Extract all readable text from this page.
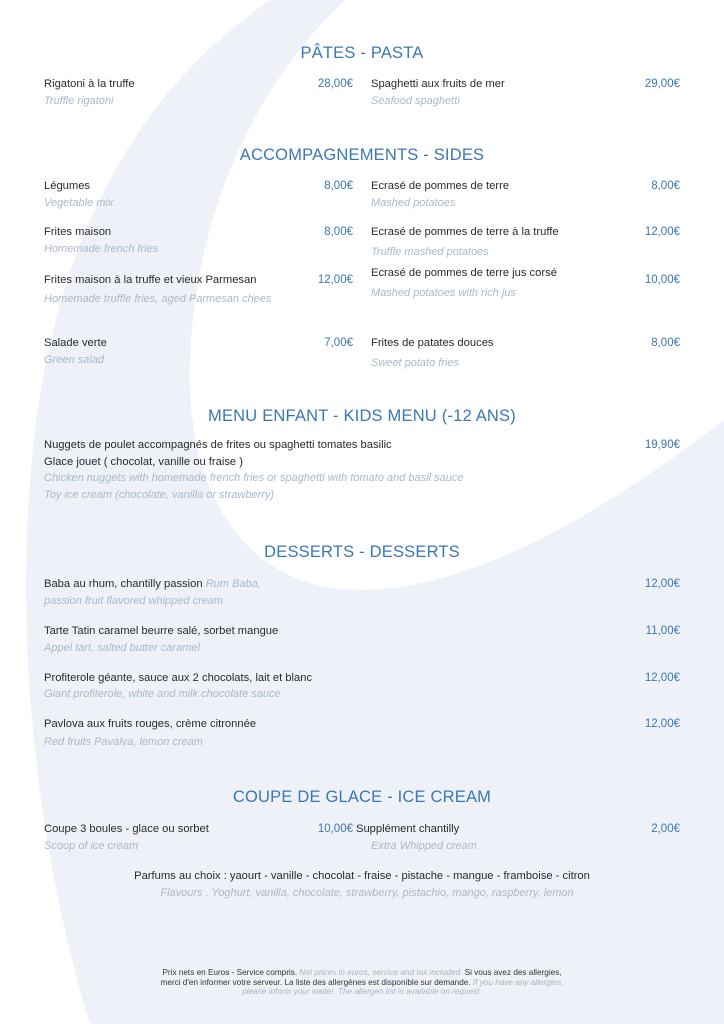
PÂTES - PASTA
Rigatoni à la truffe
Truffle rigatoni
28,00€ Spaghetti aux fruits de mer
Seafood spaghetti
29,00€
ACCOMPAGNEMENTS - SIDES
Légumes
Vegetable mix
8,00€
Frites maison
Homemade french fries
8,00€
Frites maison à la truffe et vieux Parmesan
Homemade truffle fries, aged Parmesan chees
12,00€
Salade verte
Green salad
7,00€
Ecrasé de pommes de terre
Mashed potatoes
8,00€
Ecrasé de pommes de terre à la truffe
Truffle mashed potatoes
12,00€
Ecrasé de pommes de terre jus corsé
Mashed potatoes with rich jus
10,00€
Frites de patates douces
Sweet potato fries
8,00€
MENU ENFANT - KIDS MENU (-12 ANS)
Nuggets de poulet accompagnés de frites ou spaghetti tomates basilic
Glace jouet ( chocolat, vanille ou fraise )
Chicken nuggets with homemade french fries or spaghetti with tomato and basil sauce
Toy ice cream (chocolate, vanilla or strawberry)
19,90€
DESSERTS - DESSERTS
Baba au rhum, chantilly passion Rum Baba,
passion fruit flavored whipped cream
12,00€
Tarte Tatin caramel beurre salé, sorbet mangue
Appel tart, salted butter caramel
11,00€
Profiterole géante, sauce aux 2 chocolats, lait et blanc
Giant profiterole, white and milk chocolate sauce
12,00€
Pavlova aux fruits rouges, crème citronnée
Red fruits Pavalva, lemon cream
12,00€
COUPE DE GLACE - ICE CREAM
Coupe 3 boules - glace ou sorbet
Scoop of ice cream
10,00€ Supplément chantilly
Extra Whipped cream
2,00€
Parfums au choix : yaourt - vanille - chocolat - fraise - pistache - mangue - framboise - citron
Flavours . Yoghurt, vanilla, chocolate, strawberry, pistachio, mango, raspberry, lemon
Prix nets en Euros - Service compris. Net prices in euros, service and tax included. Si vous avez des allergies,
merci d'en informer votre serveur. La liste des allergènes est disponible sur demande. If you have any allergies,
please inform your waiter. The allergen list is available on request.
